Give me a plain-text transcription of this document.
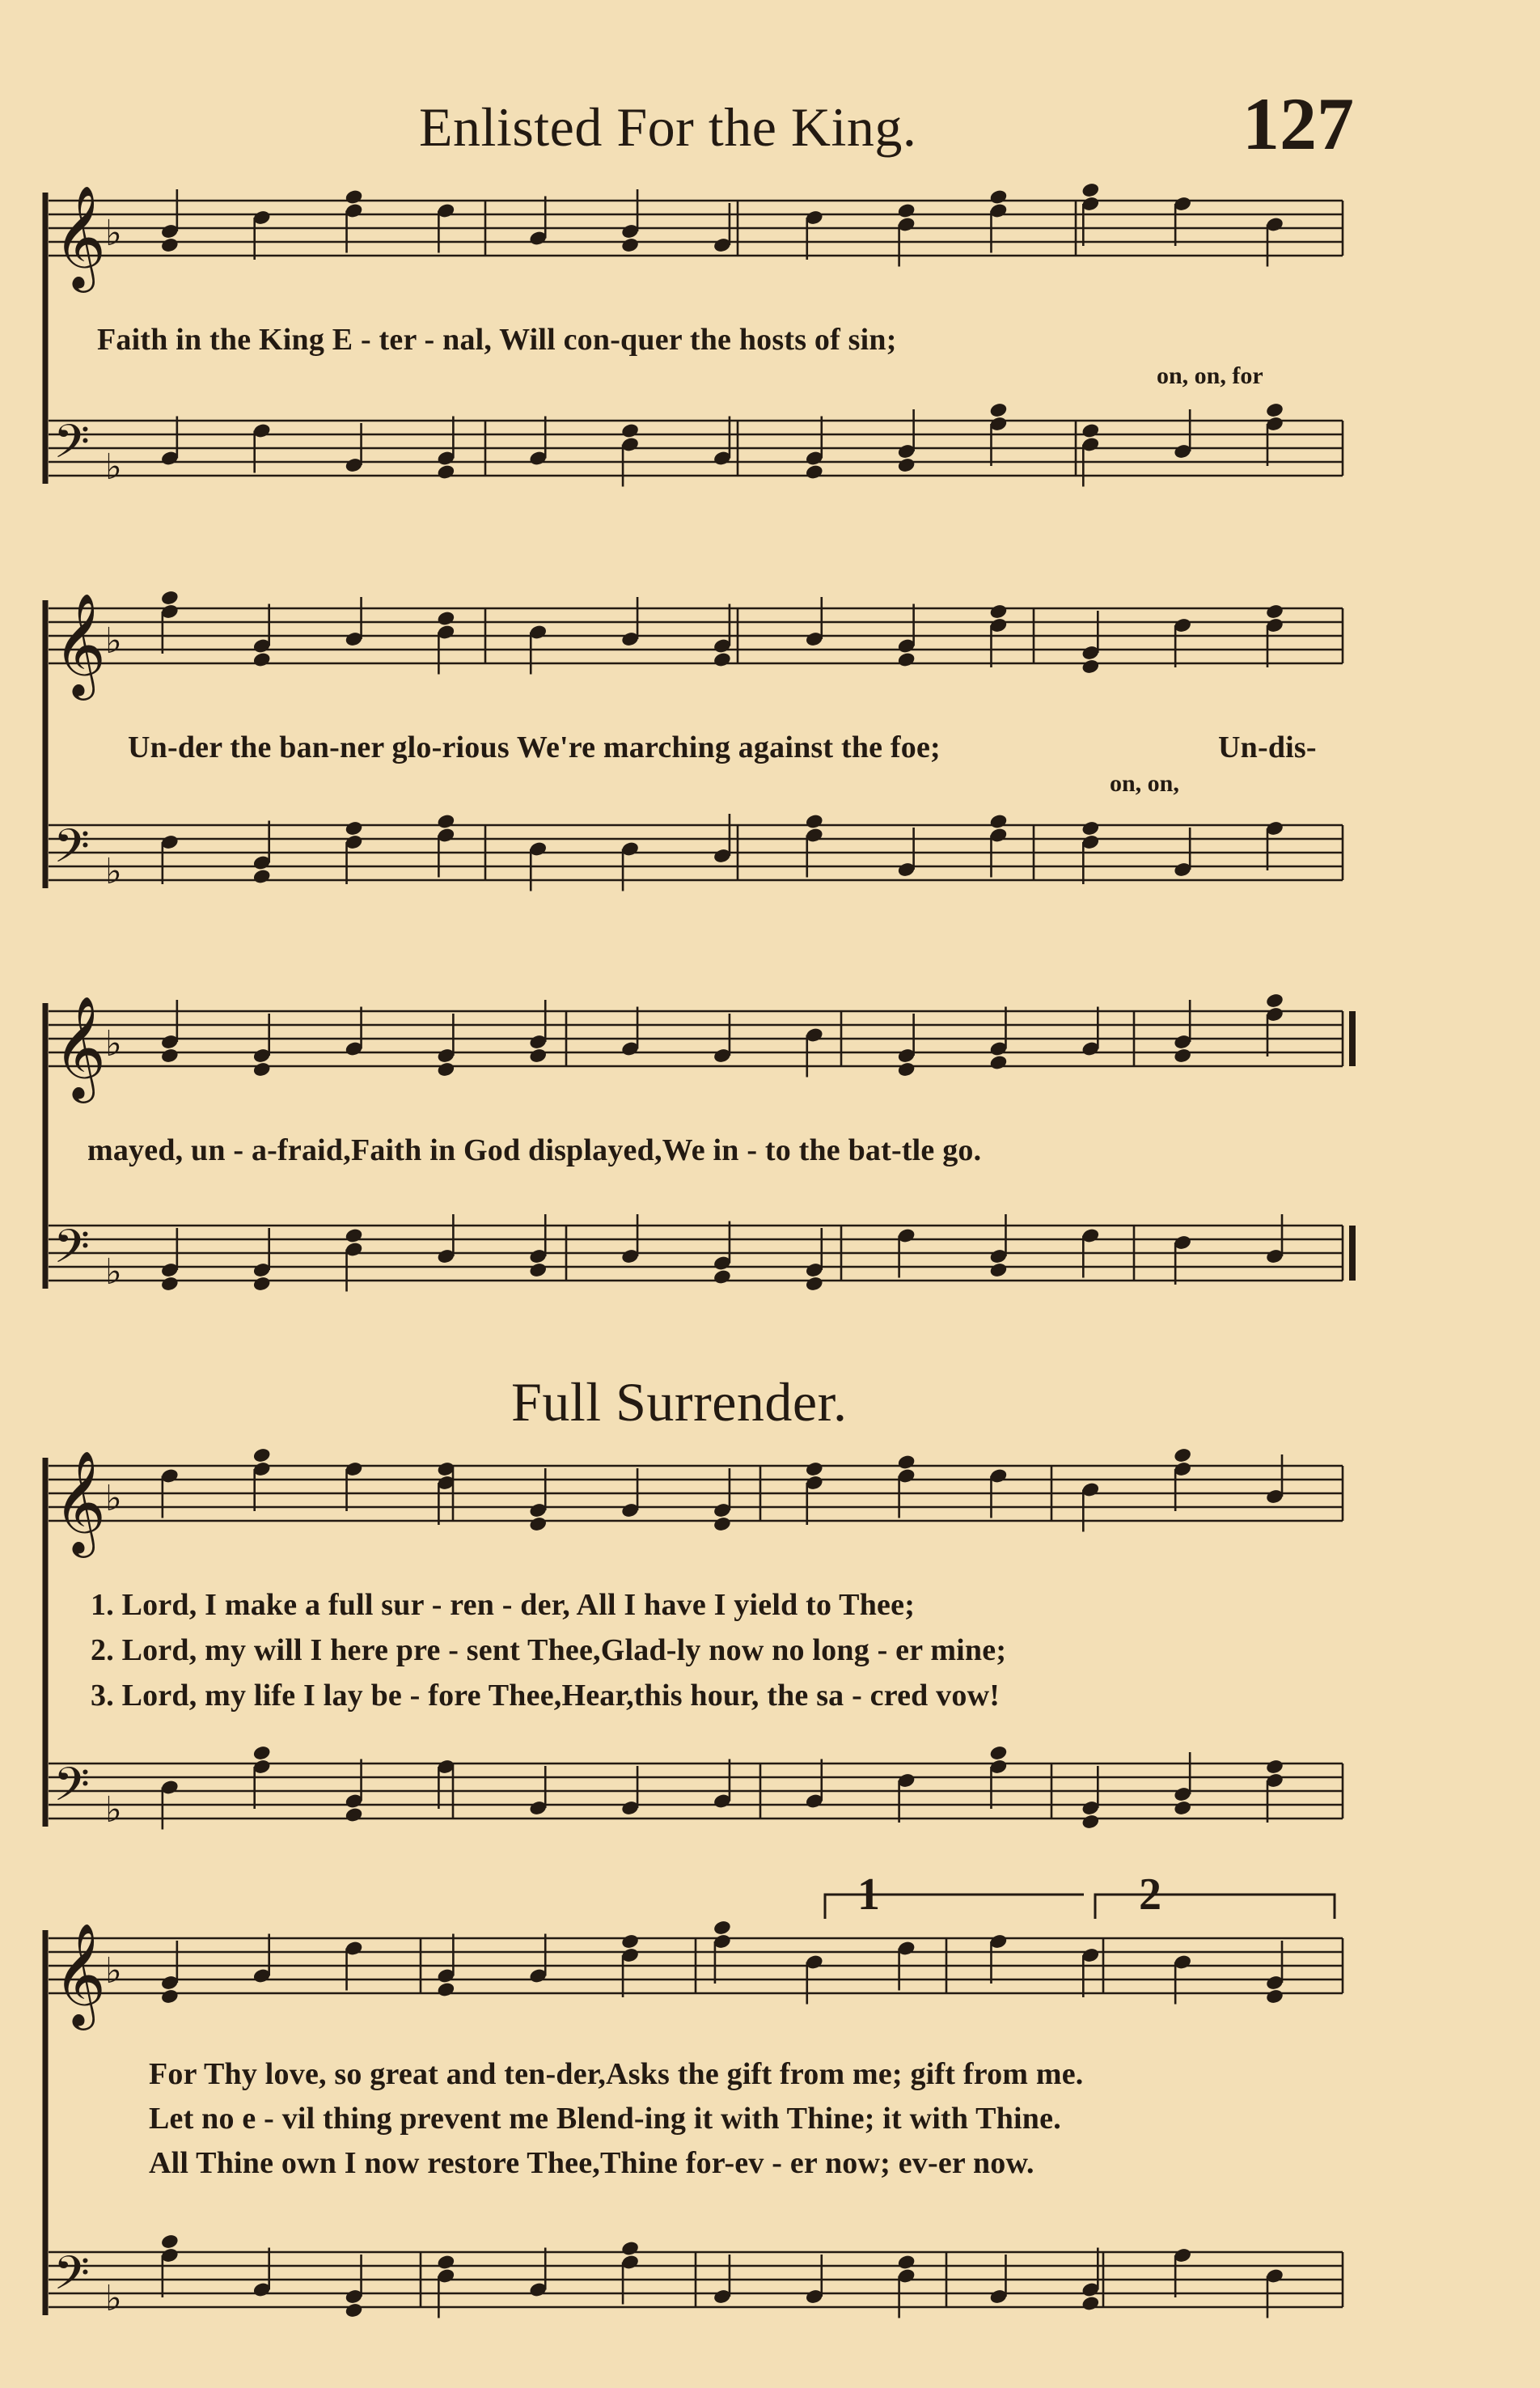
𝄞
♭
𝄢 ♭
𝄞
♭
𝄢 ♭
𝄞
♭
𝄢 ♭
𝄞
♭
𝄢 ♭
𝄞
♭
𝄢 ♭
Enlisted For the King.	127
Faith in the King E - ter - nal, Will con-quer the hosts of sin;
on, on, for
Un-der the ban-ner glo-rious We're marching against the foe;	Un-dis-
on, on,
mayed, un - a-fraid,Faith in God displayed,We in - to the bat-tle go.
Full Surrender.
1. Lord, I make a full sur - ren - der, All I have I yield to Thee;
2. Lord, my will I here pre - sent Thee,Glad-ly now no long - er mine;
3. Lord, my life I lay be - fore Thee,Hear,this hour, the sa - cred vow!
For Thy love, so great and ten-der,Asks the gift from me; gift from me.
Let no e - vil thing prevent me Blend-ing it with Thine; it with Thine.
All Thine own I now restore Thee,Thine for-ev - er now; ev-er now.
1	2
